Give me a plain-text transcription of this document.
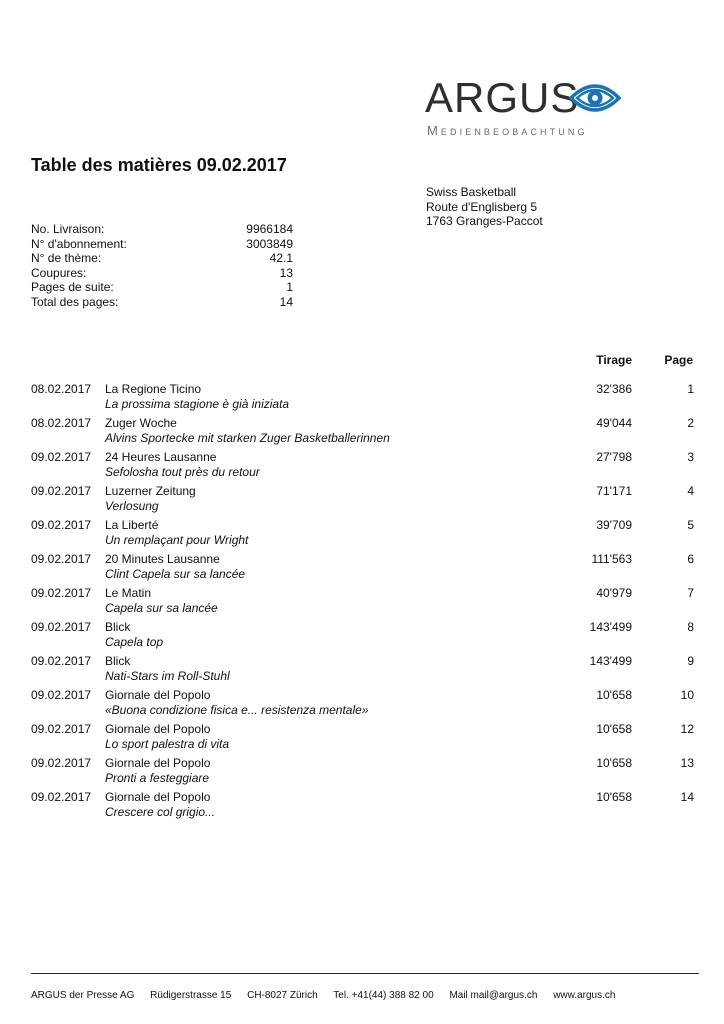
ARGUS
Medienbeobachtung
Table des matières 09.02.2017
Swiss Basketball
Route d'Englisberg 5
1763 Granges-Paccot
No. Livraison:	9966184
N° d'abonnement:	3003849
N° de thème:	42.1
Coupures:	13
Pages de suite:	1
Total des pages:	14
Tirage	Page
08.02.2017 La Regione Ticino
La prossima stagione è già iniziata
32'386	1
08.02.2017 Zuger Woche
Alvins Sportecke mit starken Zuger Basketballerinnen
49'044	2
09.02.2017 24 Heures Lausanne
Sefolosha tout près du retour
27'798	3
09.02.2017 Luzerner Zeitung
Verlosung
71'171	4
09.02.2017 La Liberté
Un remplaçant pour Wright
39'709	5
09.02.2017 20 Minutes Lausanne
Clint Capela sur sa lancée
111'563	6
09.02.2017 Le Matin
Capela sur sa lancée
40'979	7
09.02.2017 Blick
Capela top
143'499	8
09.02.2017 Blick
Nati-Stars im Roll-Stuhl
143'499	9
09.02.2017 Giornale del Popolo
«Buona condizione fisica e... resistenza mentale»
10'658	10
09.02.2017 Giornale del Popolo
Lo sport palestra di vita
10'658	12
09.02.2017 Giornale del Popolo
Pronti a festeggiare
10'658	13
09.02.2017 Giornale del Popolo
Crescere col grigio...
10'658	14
ARGUS der Presse AG Rüdigerstrasse 15 CH-8027 Zürich Tel. +41(44) 388 82 00 Mail mail@argus.ch www.argus.ch
